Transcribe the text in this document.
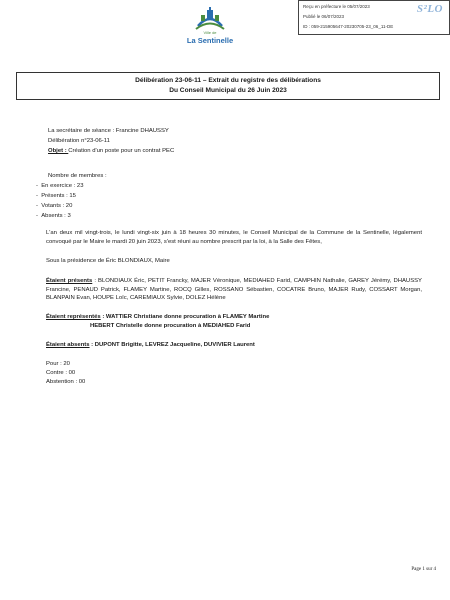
Reçu en préfecture le 05/07/2023
Publié le 06/07/2023
ID : 059-215905647-20230705-23_06_11-DE
S²LO
Ville de
La Sentinelle
Délibération 23-06-11 – Extrait du registre des délibérations
Du Conseil Municipal du 26 Juin 2023
La secrétaire de séance : Francine DHAUSSY
Délibération n°23-06-11
Objet : Création d'un poste pour un contrat PEC
Nombre de membres :
-  En exercice : 23
-  Présents : 15
-  Votants : 20
-  Absents : 3
L'an deux mil vingt-trois, le lundi vingt-six juin à 18 heures 30 minutes, le Conseil Municipal de la Commune de la Sentinelle, légalement convoqué par le Maire le mardi 20 juin 2023, s'est réuni au nombre prescrit par la loi, à la Salle des Fêtes,
Sous la présidence de Éric BLONDIAUX, Maire
Étaient présents : BLONDIAUX Éric, PETIT Francky, MAJER Véronique, MEDIAHED Farid, CAMPHIN Nathalie, GAREY Jérémy, DHAUSSY Francine, PENAUD Patrick, FLAMEY Martine, ROCQ Gilles, ROSSANO Sébastien, COCATRE Bruno, MAJER Rudy, COSSART Morgan, BLANPAIN Evan, HOUPE Loïc, CAREMIAUX Sylvie, DOLEZ Hélène
Étaient représentés : WATTIER Christiane donne procuration à FLAMEY Martine
HEBERT Christelle donne procuration à MEDIAHED Farid
Étaient absents : DUPONT Brigitte, LEVREZ Jacqueline, DUVIVIER Laurent
Pour : 20
Contre : 00
Abstention : 00
Page 1 sur 4
